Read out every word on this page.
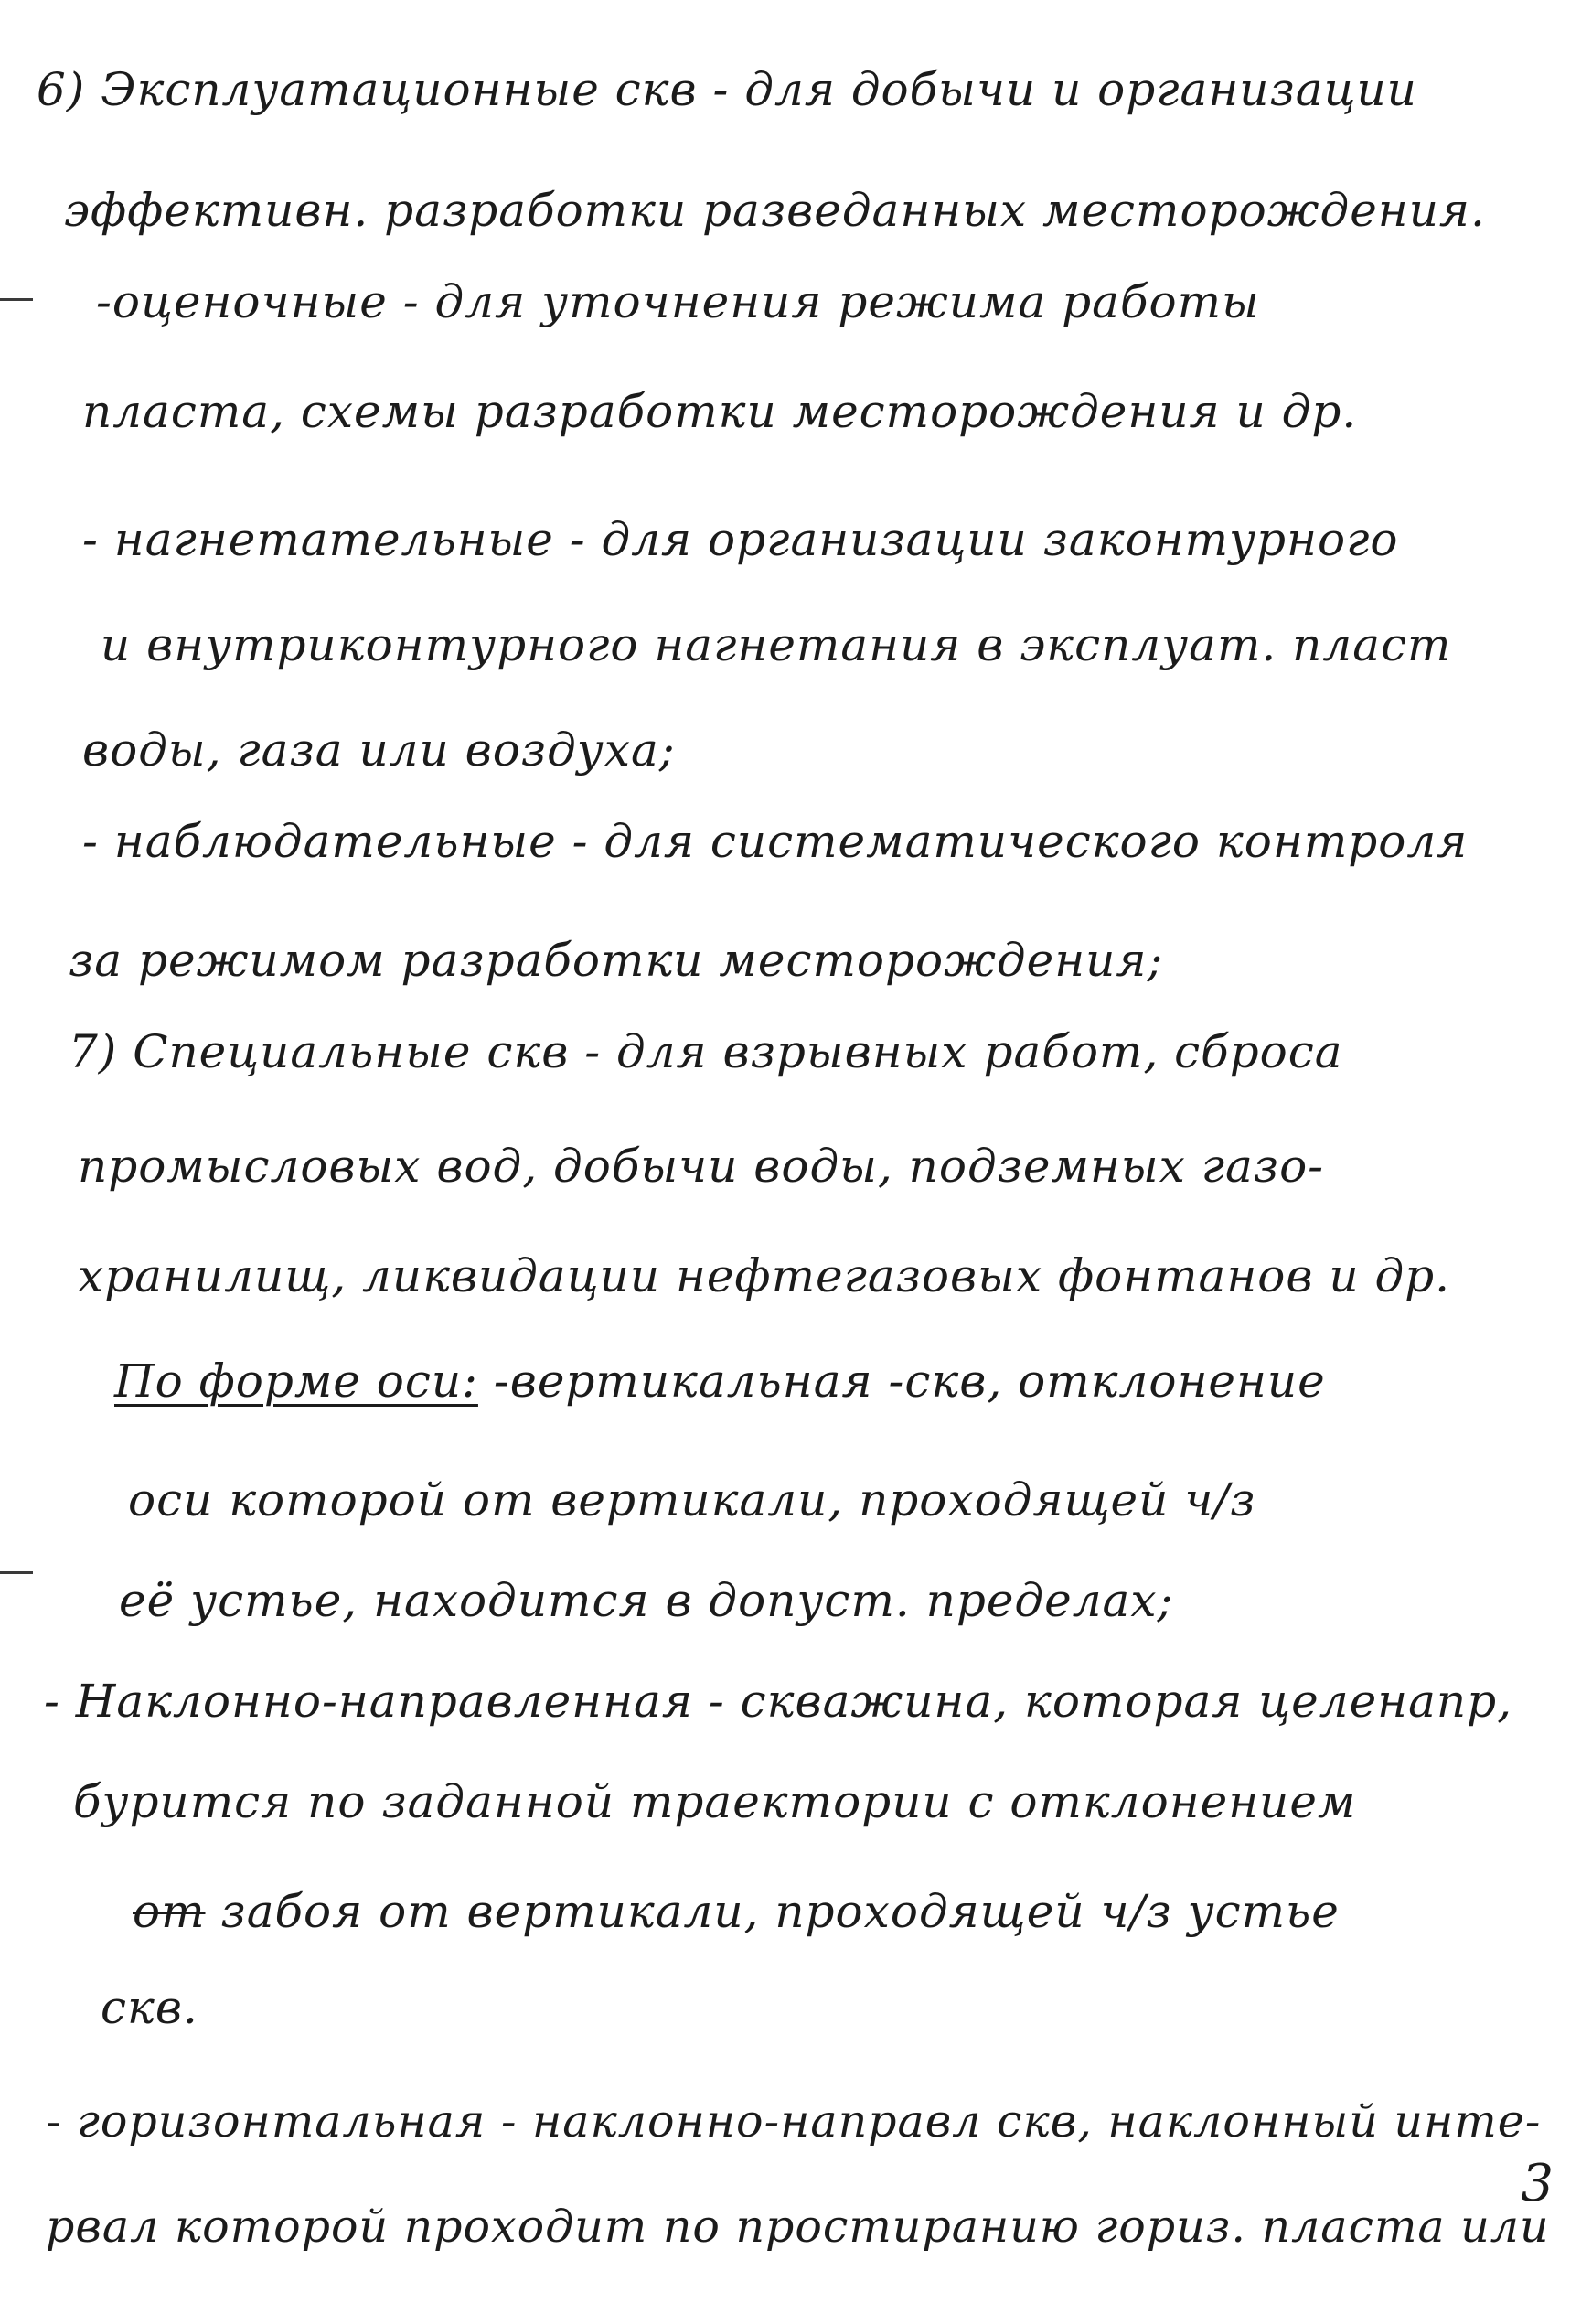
6) Эксплуатационные скв - для добычи и организации
эффективн. разработки разведанных месторождения.
-оценочные - для уточнения режима работы
пласта, схемы разработки месторождения и др.
- нагнетательные - для организации законтурного
и внутриконтурного нагнетания в эксплуат. пласт
воды, газа или воздуха;
- наблюдательные - для систематического контроля
за режимом разработки месторождения;
7) Специальные скв - для взрывных работ, сброса
промысловых вод, добычи воды, подземных газо-
хранилищ, ликвидации нефтегазовых фонтанов и др.
По форме оси: -вертикальная -скв, отклонение
оси которой от вертикали, проходящей ч/з
её устье, находится в допуст. пределах;
- Наклонно-направленная - скважина, которая целенапр,
бурится по заданной траектории с отклонением
от забоя от вертикали, проходящей ч/з устье
скв.
- горизонтальная - наклонно-направл скв, наклонный инте-
рвал которой проходит по простиранию гориз. пласта или
3
